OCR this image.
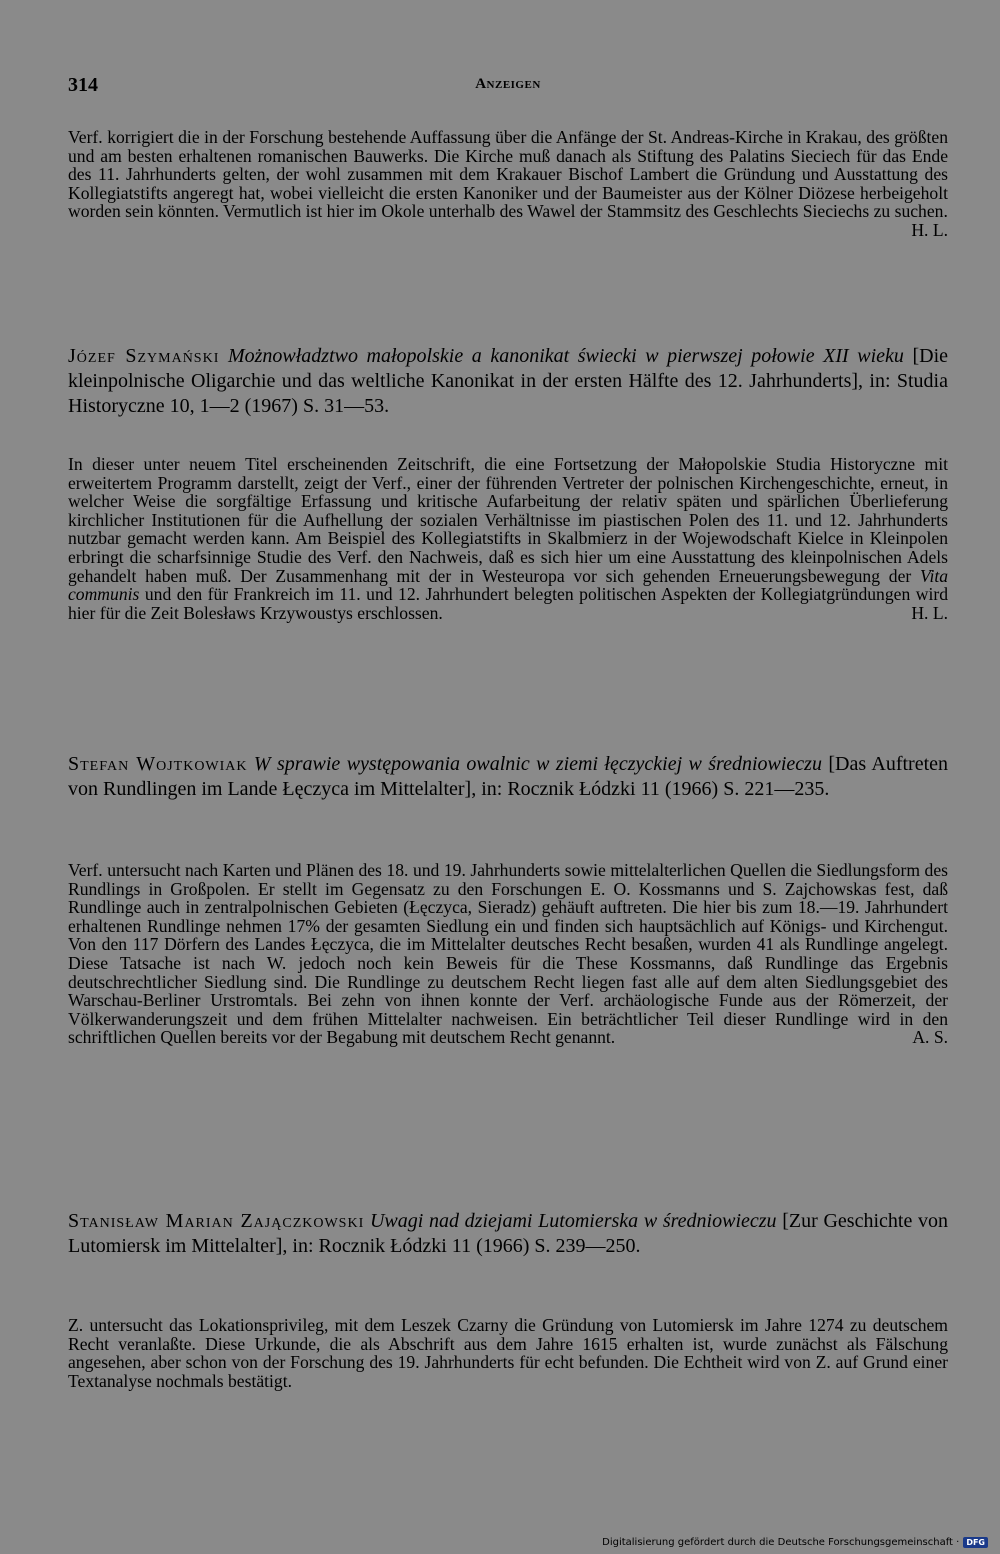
314	Anzeigen
Verf. korrigiert die in der Forschung bestehende Auffassung über die Anfänge der St. Andreas-Kirche in Krakau, des größten und am besten erhaltenen romanischen Bauwerks. Die Kirche muß danach als Stiftung des Palatins Sieciech für das Ende des 11. Jahrhunderts gelten, der wohl zusammen mit dem Krakauer Bischof Lambert die Gründung und Ausstattung des Kollegiatstifts angeregt hat, wobei vielleicht die ersten Kanoniker und der Baumeister aus der Kölner Diözese herbeigeholt worden sein könnten. Vermutlich ist hier im Okole unterhalb des Wawel der Stammsitz des Geschlechts Sieciechs zu suchen.
H. L.
Józef Szymański Możnowładztwo małopolskie a kanonikat świecki w pierwszej połowie XII wieku [Die kleinpolnische Oligarchie und das weltliche Kanonikat in der ersten Hälfte des 12. Jahrhunderts], in: Studia Historyczne 10, 1—2 (1967) S. 31—53.
In dieser unter neuem Titel erscheinenden Zeitschrift, die eine Fortsetzung der Małopolskie Studia Historyczne mit erweitertem Programm darstellt, zeigt der Verf., einer der führenden Vertreter der polnischen Kirchengeschichte, erneut, in welcher Weise die sorgfältige Erfassung und kritische Aufarbeitung der relativ späten und spärlichen Überlieferung kirchlicher Institutionen für die Aufhellung der sozialen Verhältnisse im piastischen Polen des 11. und 12. Jahrhunderts nutzbar gemacht werden kann. Am Beispiel des Kollegiatstifts in Skalbmierz in der Wojewodschaft Kielce in Kleinpolen erbringt die scharfsinnige Studie des Verf. den Nachweis, daß es sich hier um eine Ausstattung des kleinpolnischen Adels gehandelt haben muß. Der Zusammenhang mit der in Westeuropa vor sich gehenden Erneuerungsbewegung der Vita communis und den für Frankreich im 11. und 12. Jahrhundert belegten politischen Aspekten der Kollegiatgründungen wird hier für die Zeit Bolesławs Krzywoustys erschlossen.	H. L.
Stefan Wojtkowiak W sprawie występowania owalnic w ziemi łęczyckiej w średniowieczu [Das Auftreten von Rundlingen im Lande Łęczyca im Mittelalter], in: Rocznik Łódzki 11 (1966) S. 221—235.
Verf. untersucht nach Karten und Plänen des 18. und 19. Jahrhunderts sowie mittelalterlichen Quellen die Siedlungsform des Rundlings in Großpolen. Er stellt im Gegensatz zu den Forschungen E. O. Kossmanns und S. Zajchowskas fest, daß Rundlinge auch in zentralpolnischen Gebieten (Łęczyca, Sieradz) gehäuft auftreten. Die hier bis zum 18.—19. Jahrhundert erhaltenen Rundlinge nehmen 17% der gesamten Siedlung ein und finden sich hauptsächlich auf Königs- und Kirchengut. Von den 117 Dörfern des Landes Łęczyca, die im Mittelalter deutsches Recht besaßen, wurden 41 als Rundlinge angelegt. Diese Tatsache ist nach W. jedoch noch kein Beweis für die These Kossmanns, daß Rundlinge das Ergebnis deutschrechtlicher Siedlung sind. Die Rundlinge zu deutschem Recht liegen fast alle auf dem alten Siedlungsgebiet des Warschau-Berliner Urstromtals. Bei zehn von ihnen konnte der Verf. archäologische Funde aus der Römerzeit, der Völkerwanderungszeit und dem frühen Mittelalter nachweisen. Ein beträchtlicher Teil dieser Rundlinge wird in den schriftlichen Quellen bereits vor der Begabung mit deutschem Recht genannt.	A. S.
Stanisław Marian Zajączkowski Uwagi nad dziejami Lutomierska w średniowieczu [Zur Geschichte von Lutomiersk im Mittelalter], in: Rocznik Łódzki 11 (1966) S. 239—250.
Z. untersucht das Lokationsprivileg, mit dem Leszek Czarny die Gründung von Lutomiersk im Jahre 1274 zu deutschem Recht veranlaßte. Diese Urkunde, die als Abschrift aus dem Jahre 1615 erhalten ist, wurde zunächst als Fälschung angesehen, aber schon von der Forschung des 19. Jahrhunderts für echt befunden. Die Echtheit wird von Z. auf Grund einer Textanalyse nochmals bestätigt.
Digitalisierung gefördert durch die Deutsche Forschungsgemeinschaft · DFG
